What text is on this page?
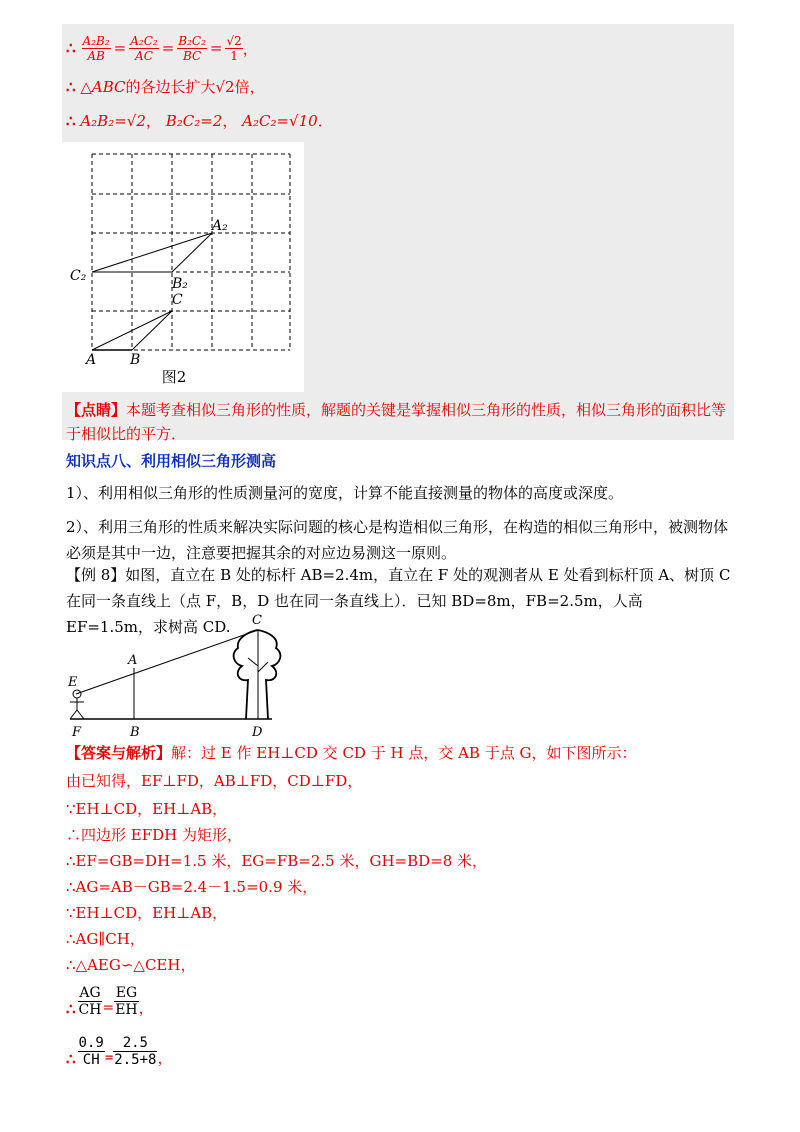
∴ $\frac{\text{A₂B₂}}{AB} = \frac{\text{A₂C₂}}{AC} = \frac{\text{B₂C₂}}{BC} = \frac{√2}{1}$ ，
∴ △ABC的各边长扩大√2倍，
∴ A₂B₂=√2， B₂C₂=2， A₂C₂=√10．
A₂
C₂	B₂
C
A B
图2
【点睛】本题考查相似三角形的性质，解题的关键是掌握相似三角形的性质，相似三角形的面积比等于相似比的平方．
知识点八、利用相似三角形测高
1）、利用相似三角形的性质测量河的宽度，计算不能直接测量的物体的高度或深度。
2）、利用三角形的性质来解决实际问题的核心是构造相似三角形，在构造的相似三角形中，被测物体必须是其中一边，注意要把握其余的对应边易测这一原则。
【例 8】如图，直立在 B 处的标杆 AB=2.4m，直立在 F 处的观测者从 E 处看到标杆顶 A、树顶 C 在同一条直线上（点 F，B，D 也在同一条直线上）．已知 BD=8m，FB=2.5m，人高 EF=1.5m，求树高 CD.	C
A
E
F	B	D
【答案与解析】解：过 E 作 EH⊥CD 交 CD 于 H 点，交 AB 于点 G，如下图所示：
由已知得，EF⊥FD，AB⊥FD，CD⊥FD，
∵EH⊥CD，EH⊥AB，
∴四边形 EFDH 为矩形，
∴EF=GB=DH=1.5 米，EG=FB=2.5 米，GH=BD=8 米，
∴AG=AB－GB=2.4－1.5=0.9 米，
∵EH⊥CD，EH⊥AB，
∴AG∥CH，
∴△AEG∽△CEH，
∴ $\frac{AG}{CH} = \frac{EG}{EH}$ ，
∴ $\frac{0.9}{CH} = \frac{2.5}{2.5+8}$ ，
